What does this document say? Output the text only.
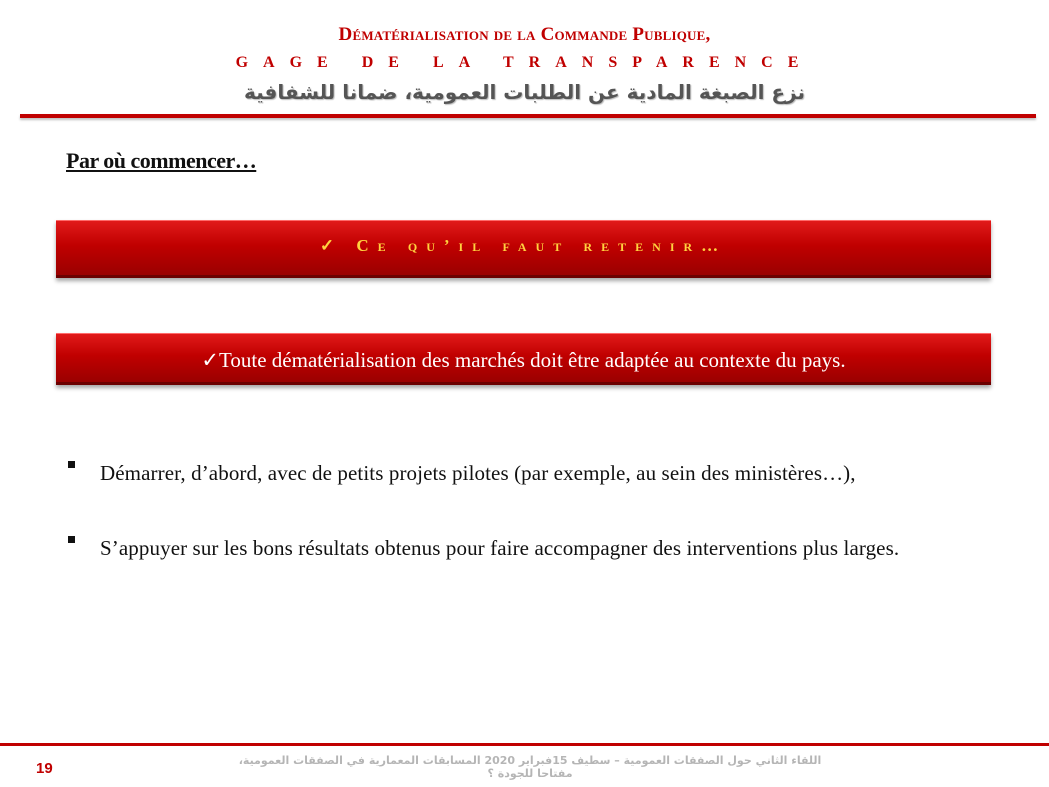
Dématérialisation de la Commande Publique,
GAGE DE LA TRANSPARENCE
نزع الصبغة المادية عن الطلبات العمومية، ضمانا للشفافية
Par où commencer…
✓ Ce qu’il faut retenir…
✓Toute dématérialisation des marchés doit être adaptée au contexte du pays.
Démarrer, d’abord, avec de petits projets pilotes (par exemple, au sein des ministères…),
S’appuyer sur les bons résultats obtenus pour faire accompagner des interventions plus larges.
19	اللقاء الثاني حول الصفقات العمومية – سطيف 15فبراير 2020 المسابقات المعمارية في الصفقات العمومية، مفتاحا للجودة ؟
